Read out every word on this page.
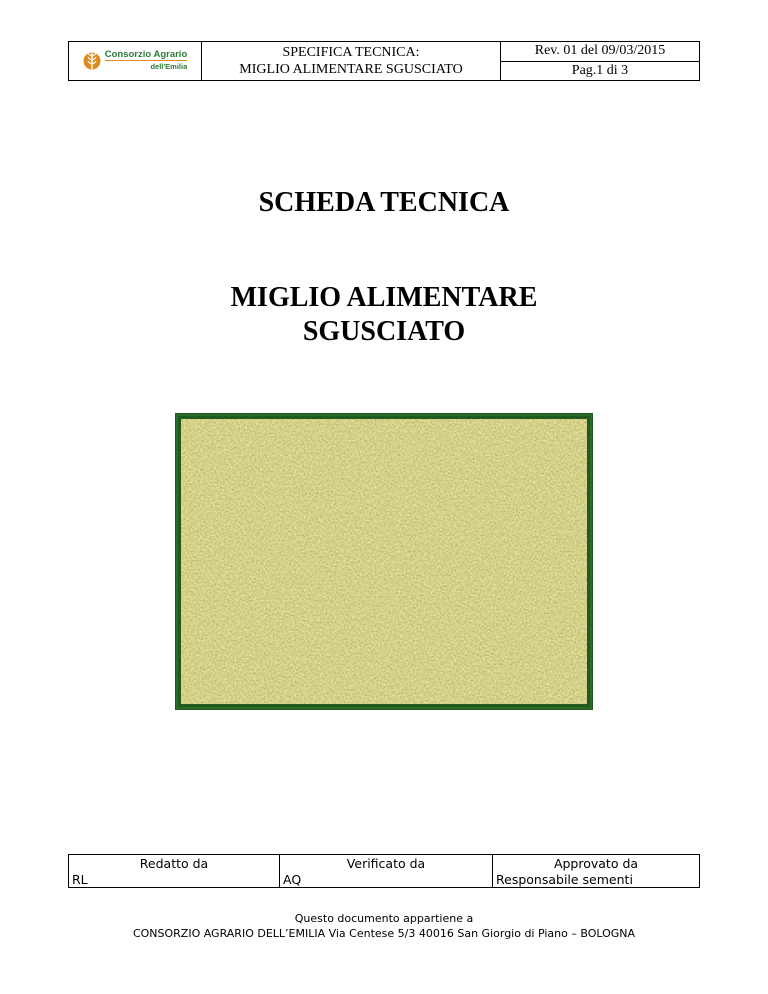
Consorzio Agrario
dell'Emilia
SPECIFICA TECNICA:
MIGLIO ALIMENTARE SGUSCIATO
Rev. 01 del 09/03/2015
Pag.1 di 3
SCHEDA TECNICA
MIGLIO ALIMENTARE
SGUSCIATO
Redatto da
RL
Verificato da
AQ
Approvato da
Responsabile sementi
Questo documento appartiene a
CONSORZIO AGRARIO DELL’EMILIA Via Centese 5/3 40016 San Giorgio di Piano – BOLOGNA
